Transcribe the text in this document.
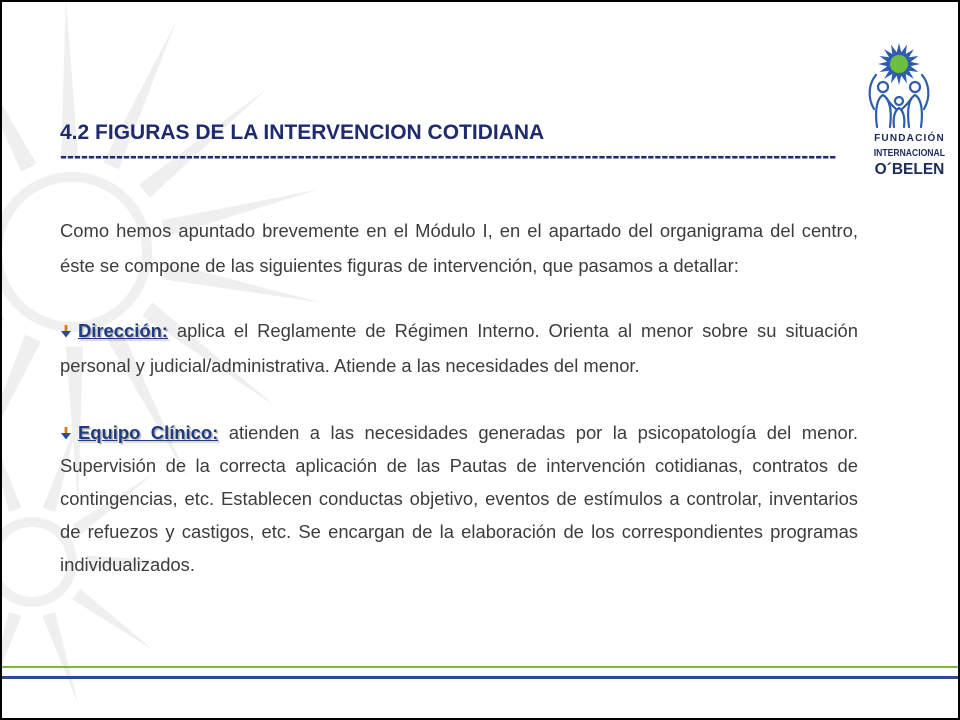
4.2 FIGURAS DE LA INTERVENCION COTIDIANA
---------------------------------------------------------------------------------------------------------------

Como hemos apuntado brevemente en el Módulo I, en el apartado del organigrama del centro, éste se compone de las siguientes figuras de intervención, que pasamos a detallar:

Dirección: aplica el Reglamente de Régimen Interno. Orienta al menor sobre su situación personal y judicial/administrativa. Atiende a las necesidades del menor.

Equipo Clínico: atienden a las necesidades generadas por la psicopatología del menor. Supervisión de la correcta aplicación de las Pautas de intervención cotidianas, contratos de contingencias, etc. Establecen conductas objetivo, eventos de estímulos a controlar, inventarios de refuezos y castigos, etc. Se encargan de la elaboración de los correspondientes programas individualizados.

FUNDACIÓN
INTERNACIONAL
O´BELEN
